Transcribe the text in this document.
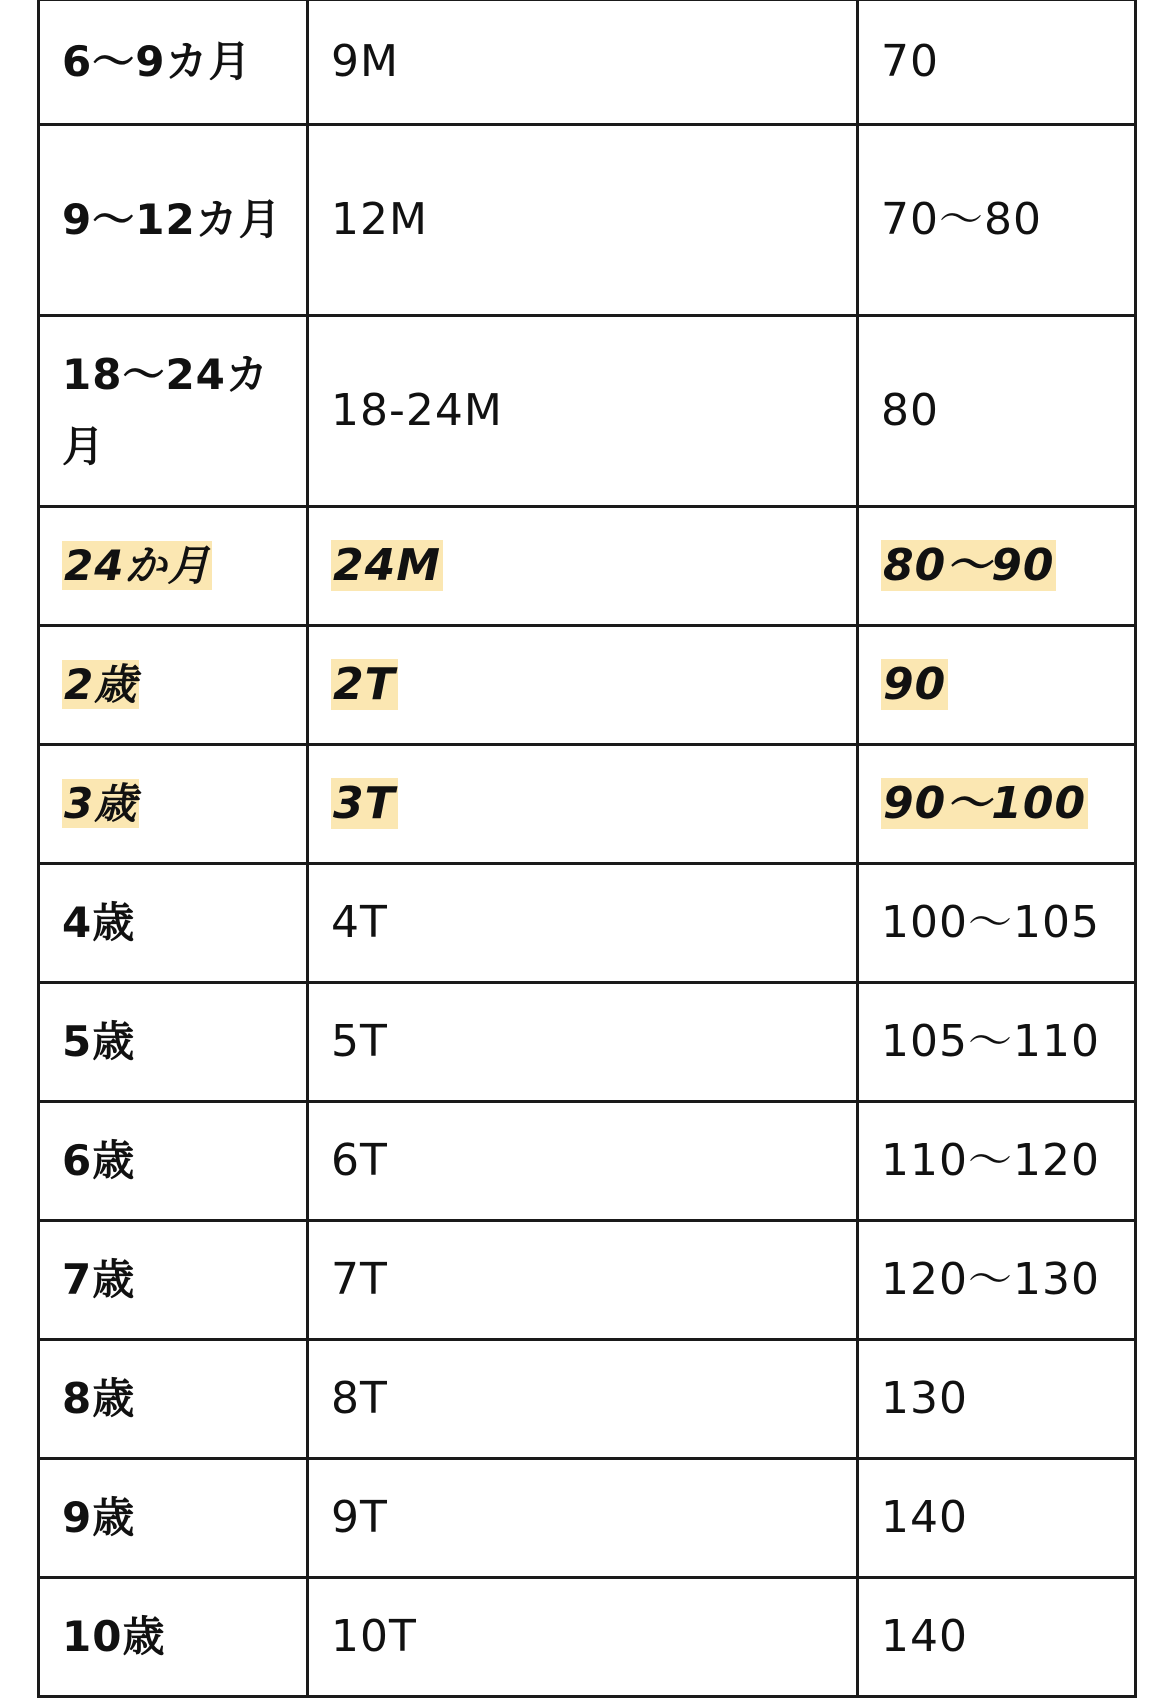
6〜9カ月	9M	70
9〜12カ月	12M	70〜80
18〜24カ月	18-24M	80
24か月	24M	80〜90
2歳	2T	90
3歳	3T	90〜100
4歳	4T	100〜105
5歳	5T	105〜110
6歳	6T	110〜120
7歳	7T	120〜130
8歳	8T	130
9歳	9T	140
10歳	10T	140
